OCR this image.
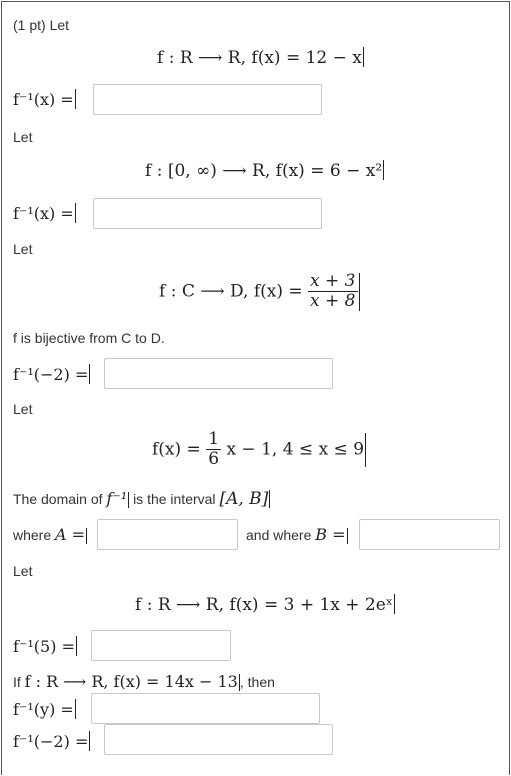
(1 pt) Let
f : R ⟶ R, f(x) = 12 − x
f⁻¹(x) =
Let
f : [0, ∞) ⟶ R, f(x) = 6 − x²
f⁻¹(x) =
Let
f : C ⟶ D, $f(x) = \frac{x + 3}{x + 8}$
f is bijective from C to D.
f⁻¹(−2) =
Let
$f(x) = \frac{1}{6}$ x − 1, 4 ≤ x ≤ 9
The domain of f⁻¹ is the interval [A, B]
where A =	and where B =
Let
f : R ⟶ R, f(x) = 3 + 1x + 2eˣ
f⁻¹(5) =
If f : R ⟶ R, f(x) = 14x − 13 , then
f⁻¹(y) =
f⁻¹(−2) =
